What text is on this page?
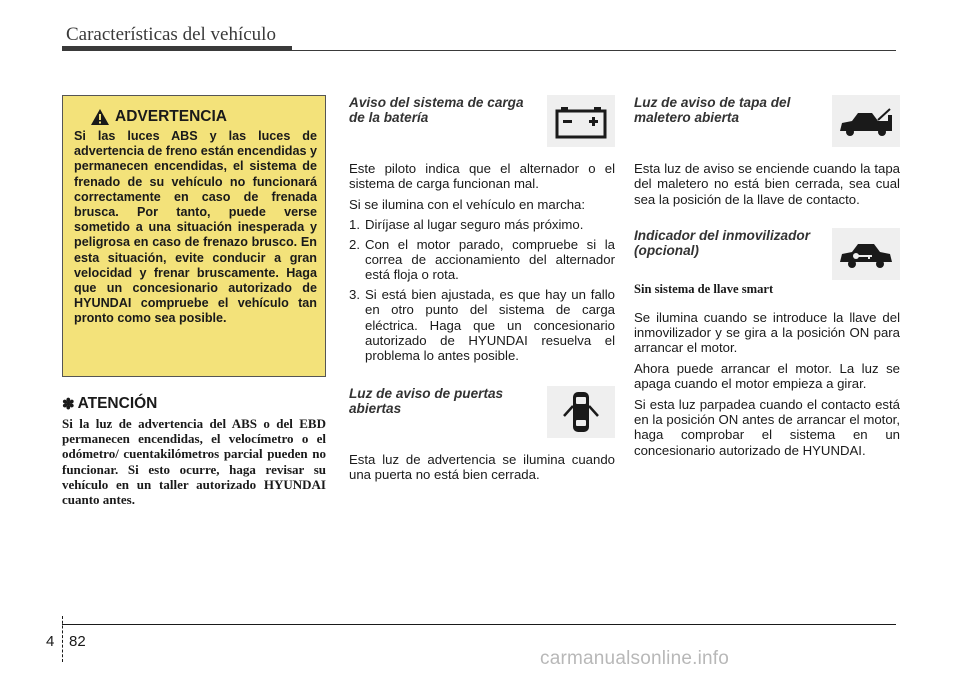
Características del vehículo
ADVERTENCIA

Si las luces ABS y las luces de advertencia de freno están encendidas y permanecen encendidas, el sistema de frenado de su vehículo no funcionará correctamente en caso de frenada brusca. Por tanto, puede verse sometido a una situación inesperada y peligrosa en caso de frenazo brusco. En esta situación, evite conducir a gran velocidad y frenar bruscamente. Haga que un concesionario autorizado de HYUNDAI compruebe el vehículo tan pronto como sea posible.

✽ ATENCIÓN

Si la luz de advertencia del ABS o del EBD permanecen encendidas, el velocímetro o el odómetro/ cuentakilómetros parcial pueden no funcionar. Si esto ocurre, haga revisar su vehículo en un taller autorizado HYUNDAI cuanto antes.

Aviso del sistema de carga de la batería

Este piloto indica que el alternador o el sistema de carga funcionan mal.

Si se ilumina con el vehículo en marcha:

1. Diríjase al lugar seguro más próximo.
2. Con el motor parado, compruebe si la correa de accionamiento del alternador está floja o rota.
3. Si está bien ajustada, es que hay un fallo en otro punto del sistema de carga eléctrica. Haga que un concesionario autorizado de HYUNDAI resuelva el problema lo antes posible.
Luz de aviso de puertas abiertas

Esta luz de advertencia se ilumina cuando una puerta no está bien cerrada.

Luz de aviso de tapa del maletero abierta

Esta luz de aviso se enciende cuando la tapa del maletero no está bien cerrada, sea cual sea la posición de la llave de contacto.

Indicador del inmovilizador (opcional)
Sin sistema de llave smart

Se ilumina cuando se introduce la llave del inmovilizador y se gira a la posición ON para arrancar el motor.

Ahora puede arrancar el motor. La luz se apaga cuando el motor empieza a girar.

Si esta luz parpadea cuando el contacto está en la posición ON antes de arrancar el motor, haga comprobar el sistema en un concesionario autorizado de HYUNDAI.

4 82
carmanualsonline.info
